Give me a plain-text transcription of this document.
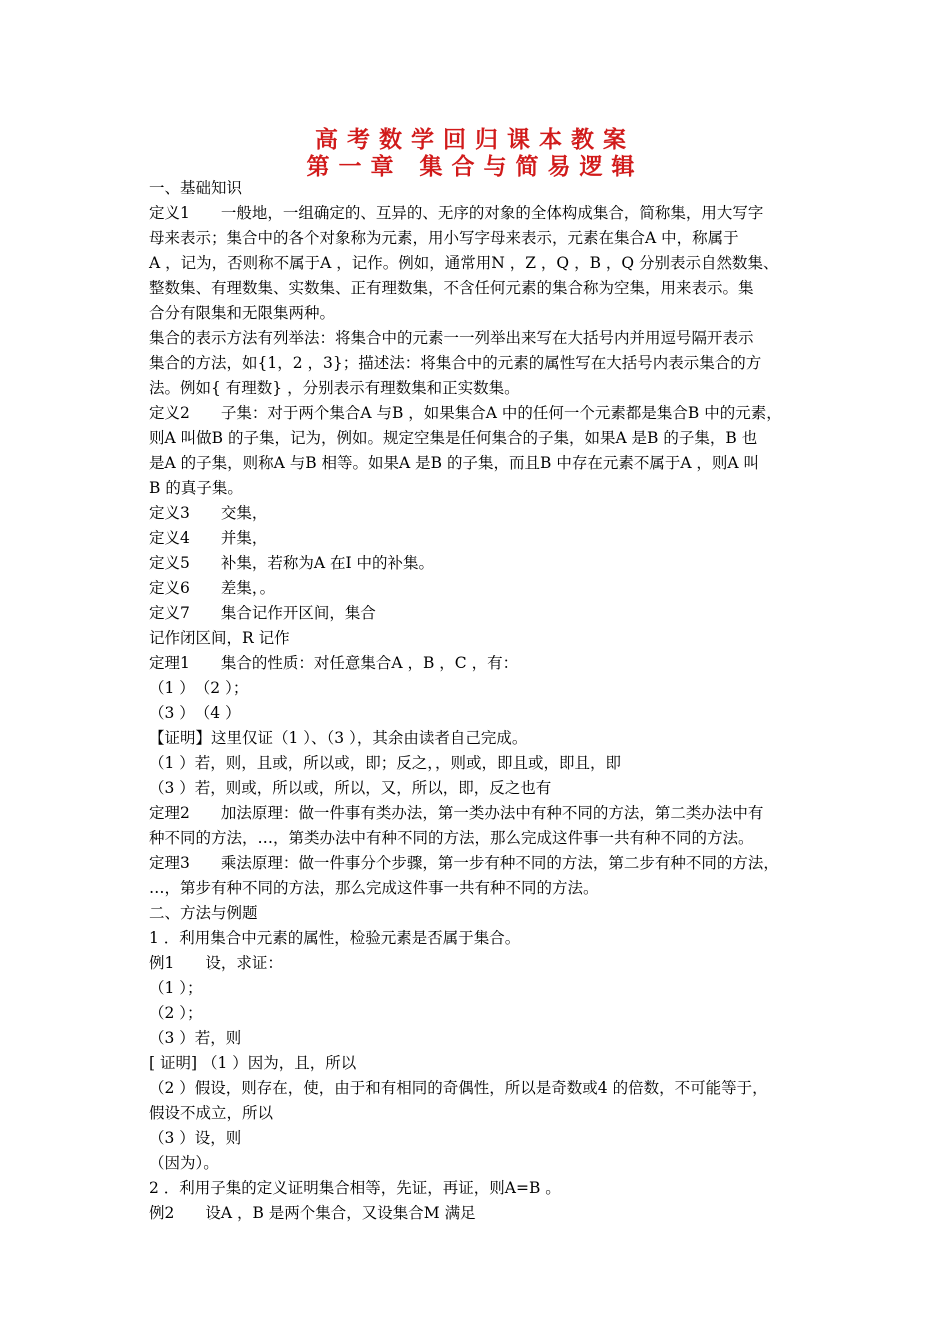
高考数学回归课本教案
第一章 集合与简易逻辑

一、基础知识

定义1　　一般地，一组确定的、互异的、无序的对象的全体构成集合，简称集，用大写字

母来表示；集合中的各个对象称为元素，用小写字母来表示，元素在集合A 中，称属于

A ，记为，否则称不属于A ，记作。例如，通常用N ，Z ，Q ，B ，Q 分别表示自然数集、

整数集、有理数集、实数集、正有理数集，不含任何元素的集合称为空集，用来表示。集

合分有限集和无限集两种。

集合的表示方法有列举法：将集合中的元素一一列举出来写在大括号内并用逗号隔开表示

集合的方法，如{1，2 ，3}；描述法：将集合中的元素的属性写在大括号内表示集合的方

法。例如{ 有理数} ，分别表示有理数集和正实数集。

定义2　　子集：对于两个集合A 与B ，如果集合A 中的任何一个元素都是集合B 中的元素，

则A 叫做B 的子集，记为，例如。规定空集是任何集合的子集，如果A 是B 的子集，B 也

是A 的子集，则称A 与B 相等。如果A 是B 的子集，而且B 中存在元素不属于A ，则A 叫

B 的真子集。

定义3　　交集，

定义4　　并集，

定义5　　补集，若称为A 在I 中的补集。

定义6　　差集，。

定义7　　集合记作开区间，集合

记作闭区间，R 记作

定理1　　集合的性质：对任意集合A ，B ，C ，有：

（1 ）　（2 ）；

（3 ）　（4 ）

【证明】这里仅证（1 ）、（3 ），其余由读者自己完成。

（1 ）若，则，且或，所以或，即；反之，，则或，即且或，即且，即

（3 ）若，则或，所以或，所以，又，所以，即，反之也有

定理2　　加法原理：做一件事有类办法，第一类办法中有种不同的方法，第二类办法中有

种不同的方法，…，第类办法中有种不同的方法，那么完成这件事一共有种不同的方法。

定理3　　乘法原理：做一件事分个步骤，第一步有种不同的方法，第二步有种不同的方法，

…，第步有种不同的方法，那么完成这件事一共有种不同的方法。

二、方法与例题

1 ．利用集合中元素的属性，检验元素是否属于集合。

例1　　设，求证：

（1 ）；

（2 ）；

（3 ）若，则

[ 证明] （1 ）因为，且，所以

（2 ）假设，则存在，使，由于和有相同的奇偶性，所以是奇数或4 的倍数，不可能等于，

假设不成立，所以

（3 ）设，则

（因为）。

2 ．利用子集的定义证明集合相等，先证，再证，则A=B 。

例2　　设A ，B 是两个集合，又设集合M 满足
